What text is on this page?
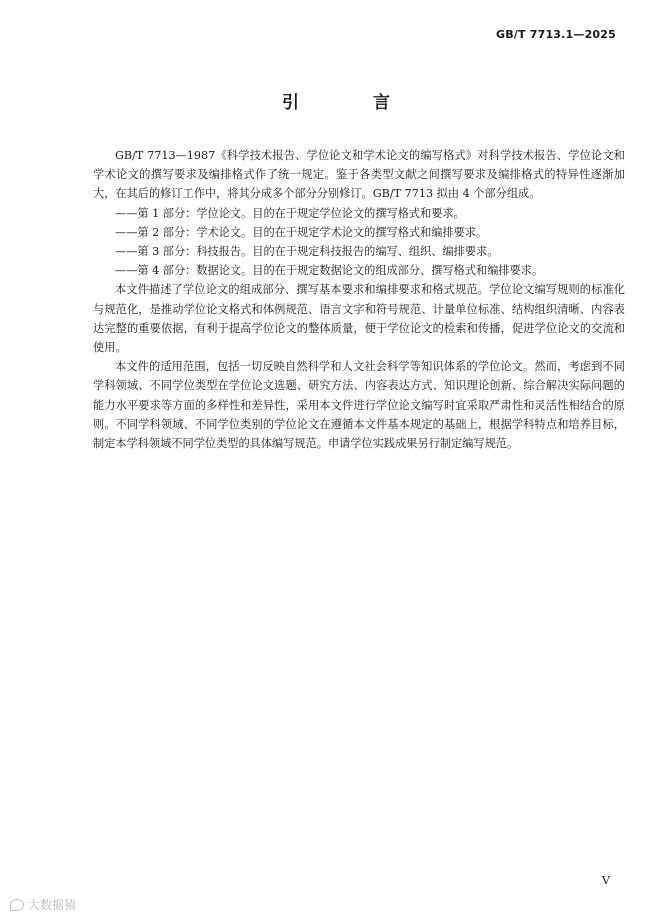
GB/T 7713.1—2025
引 言

GB/T 7713—1987《科学技术报告、学位论文和学术论文的编写格式》对科学技术报告、学位论文和学术论文的撰写要求及编排格式作了统一规定。鉴于各类型文献之间撰写要求及编排格式的特异性逐渐加大，在其后的修订工作中，将其分成多个部分分别修订。GB/T 7713 拟由 4 个部分组成。

——第 1 部分：学位论文。目的在于规定学位论文的撰写格式和要求。

——第 2 部分：学术论文。目的在于规定学术论文的撰写格式和编排要求。

——第 3 部分：科技报告。目的在于规定科技报告的编写、组织、编排要求。

——第 4 部分：数据论文。目的在于规定数据论文的组成部分、撰写格式和编排要求。

本文件描述了学位论文的组成部分、撰写基本要求和编排要求和格式规范。学位论文编写规则的标准化与规范化，是推动学位论文格式和体例规范、语言文字和符号规范、计量单位标准、结构组织清晰、内容表达完整的重要依据，有利于提高学位论文的整体质量，便于学位论文的检索和传播，促进学位论文的交流和使用。

本文件的适用范围，包括一切反映自然科学和人文社会科学等知识体系的学位论文。然而，考虑到不同学科领域、不同学位类型在学位论文选题、研究方法、内容表达方式、知识理论创新、综合解决实际问题的能力水平要求等方面的多样性和差异性，采用本文件进行学位论文编写时宜采取严肃性和灵活性相结合的原则。不同学科领域、不同学位类别的学位论文在遵循本文件基本规定的基础上，根据学科特点和培养目标，制定本学科领域不同学位类型的具体编写规范。申请学位实践成果另行制定编写规范。

V
大数据猿
